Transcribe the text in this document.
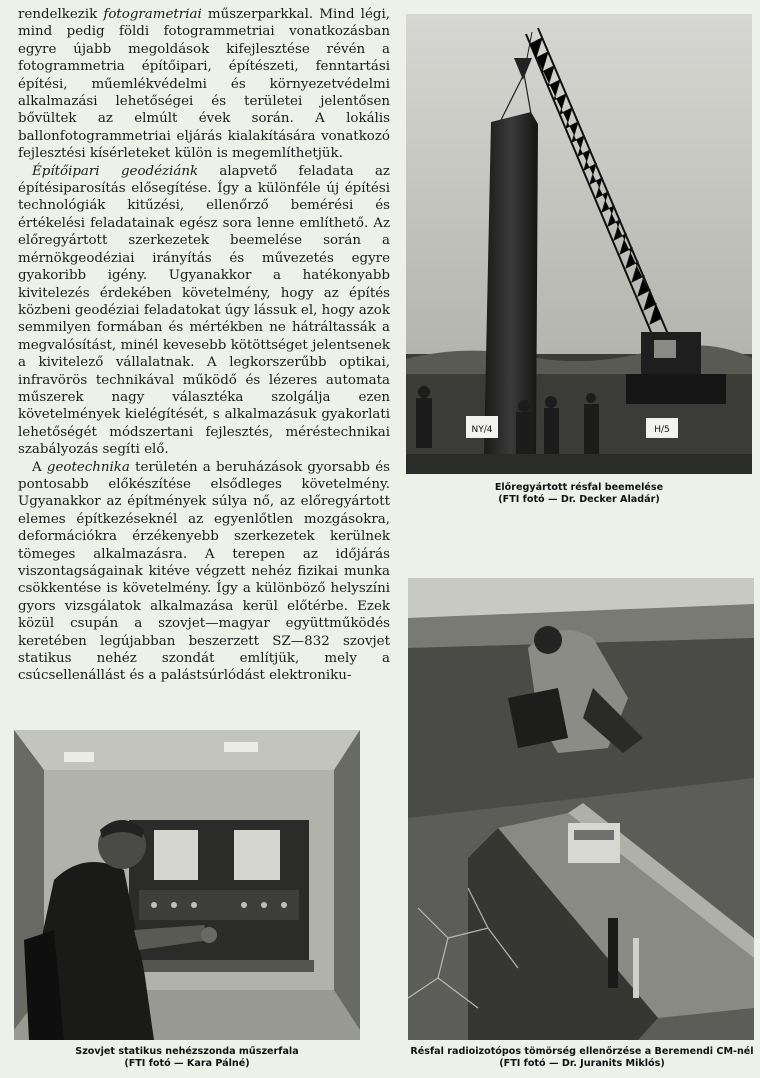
rendelkezik fotogrametriai műszerparkkal. Mind légi, mind pedig földi fotogrammetriai vonatkozásban egyre újabb megoldások kifejlesztése révén a fotogrammetria építőipari, építészeti, fenntartási építési, műemlékvédelmi és környezetvédelmi alkalmazási lehetőségei és területei jelentősen bővültek az elmúlt évek során. A lokális ballonfotogrammetriai eljárás kialakítására vonatkozó fejlesztési kísérleteket külön is megemlíthetjük.

Építőipari geodéziánk alapvető feladata az építésiparosítás elősegítése. Így a különféle új építési technológiák kitűzési, ellenőrző bemérési és értékelési feladatainak egész sora lenne említhető. Az előregyártott szerkezetek beemelése során a mérnökgeodéziai irányítás és művezetés egyre gyakoribb igény. Ugyanakkor a hatékonyabb kivitelezés érdekében követelmény, hogy az építés közbeni geodéziai feladatokat úgy lássuk el, hogy azok semmilyen formában és mértékben ne hátráltassák a megvalósítást, minél kevesebb kötöttséget jelentsenek a kivitelező vállalatnak. A legkorszerűbb optikai, infravörös technikával működő és lézeres automata műszerek nagy választéka szolgálja ezen követelmények kielégítését, s alkalmazásuk gyakorlati lehetőségét módszertani fejlesztés, méréstechnikai szabályozás segíti elő.

A geotechnika területén a beruházások gyorsabb és pontosabb előkészítése elsődleges követelmény. Ugyanakkor az építmények súlya nő, az előregyártott elemes építkezéseknél az egyenlőtlen mozgásokra, deformációkra érzékenyebb szerkezetek kerülnek tömeges alkalmazásra. A terepen az időjárás viszontagságainak kitéve végzett nehéz fizikai munka csökkentése is követelmény. Így a különböző helyszíni gyors vizsgálatok alkalmazása kerül előtérbe. Ezek közül csupán a szovjet—magyar együttműködés keretében legújabban beszerzett SZ—832 szovjet statikus nehéz szondát említjük, mely a csúcsellenállást és a palástsúrlódást elektroniku-

NY/4	H/5
Előregyártott résfal beemelése
(FTI fotó — Dr. Decker Aladár)
Résfal radioizotópos tömörség ellenőrzése a Beremendi CM-nél
(FTI fotó — Dr. Juranits Miklós)
Szovjet statikus nehézszonda műszerfala
(FTI fotó — Kara Pálné)
